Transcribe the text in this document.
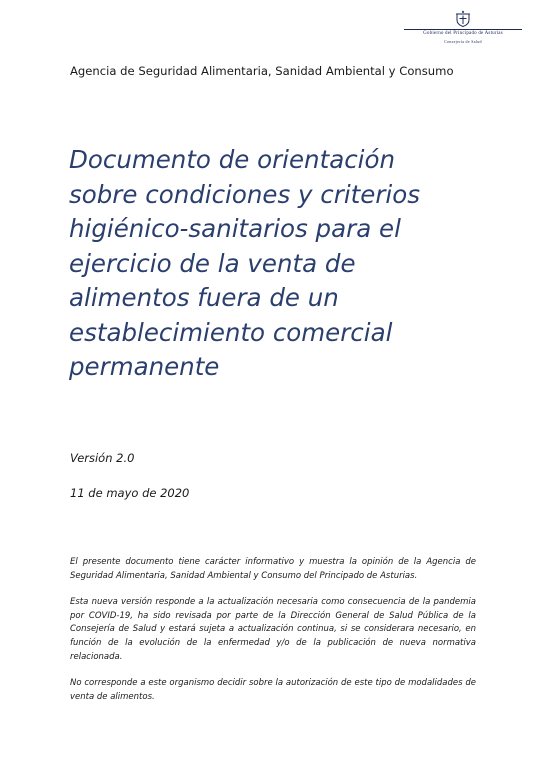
Gobierno del Principado de Asturias
Consejería de Salud
Agencia de Seguridad Alimentaria, Sanidad Ambiental y Consumo
Documento de orientación
sobre condiciones y criterios
higiénico-sanitarios para el
ejercicio de la venta de
alimentos fuera de un
establecimiento comercial
permanente
Versión 2.0
11 de mayo de 2020

El presente documento tiene carácter informativo y muestra la opinión de la Agencia de Seguridad Alimentaria, Sanidad Ambiental y Consumo del Principado de Asturias.

Esta nueva versión responde a la actualización necesaria como consecuencia de la pandemia por COVID-19, ha sido revisada por parte de la Dirección General de Salud Pública de la Consejería de Salud y estará sujeta a actualización continua, si se considerara necesario, en función de la evolución de la enfermedad y/o de la publicación de nueva normativa relacionada.

No corresponde a este organismo decidir sobre la autorización de este tipo de modalidades de venta de alimentos.
